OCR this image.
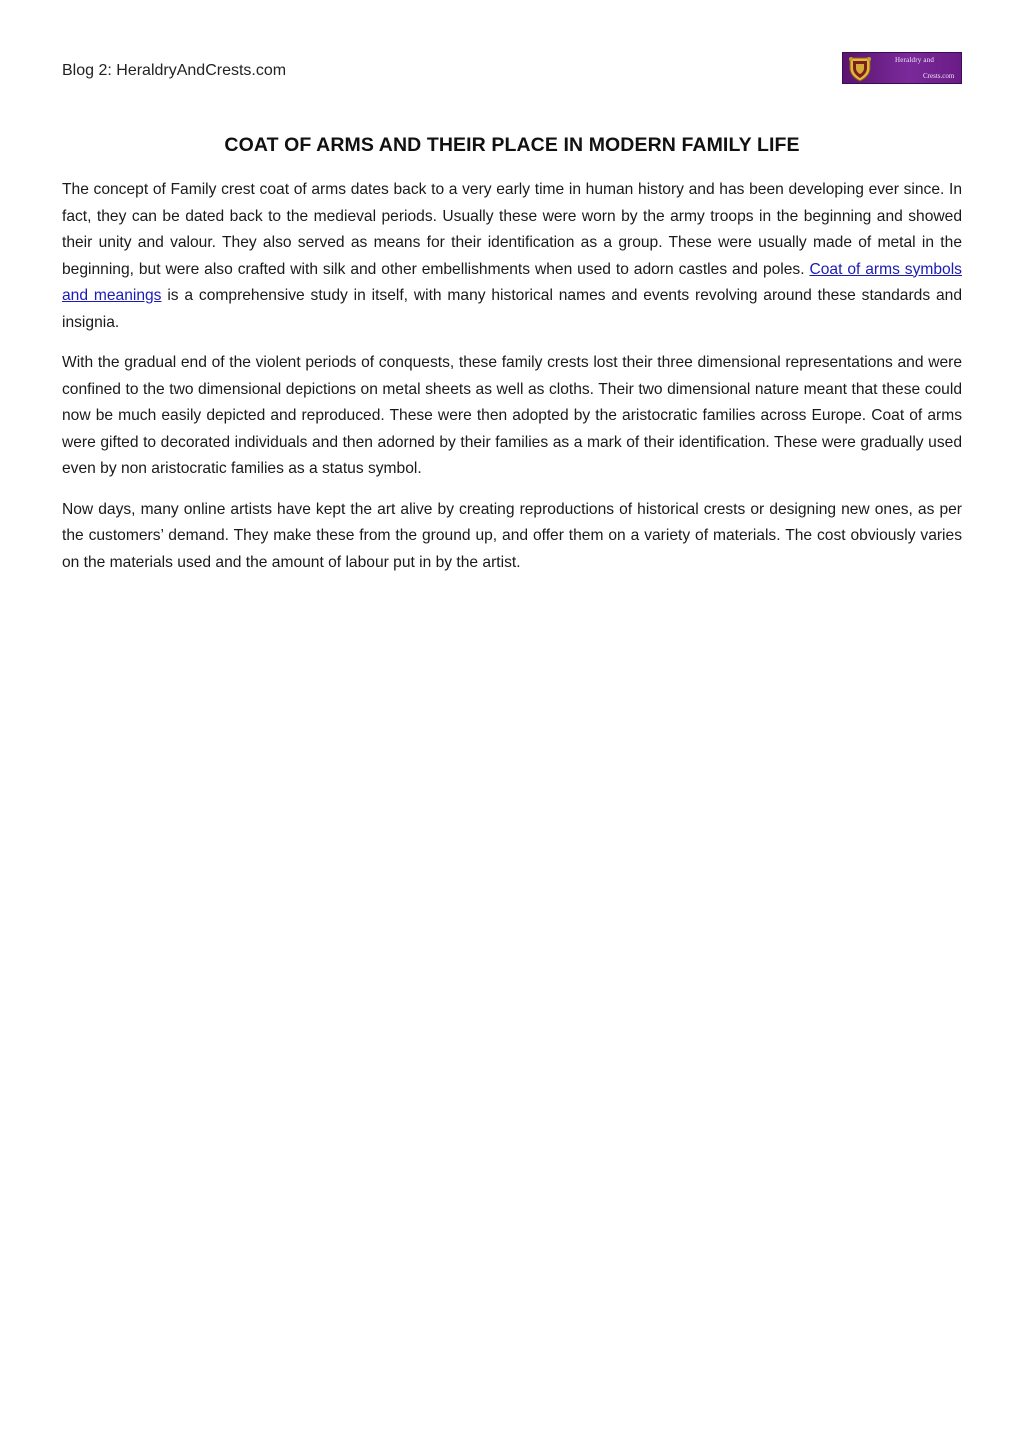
Blog 2: HeraldryAndCrests.com
Heraldry and
Crests.com
COAT OF ARMS AND THEIR PLACE IN MODERN FAMILY LIFE

The concept of Family crest coat of arms dates back to a very early time in human history and has been developing ever since. In fact, they can be dated back to the medieval periods. Usually these were worn by the army troops in the beginning and showed their unity and valour. They also served as means for their identification as a group. These were usually made of metal in the beginning, but were also crafted with silk and other embellishments when used to adorn castles and poles. Coat of arms symbols and meanings is a comprehensive study in itself, with many historical names and events revolving around these standards and insignia.

With the gradual end of the violent periods of conquests, these family crests lost their three dimensional representations and were confined to the two dimensional depictions on metal sheets as well as cloths. Their two dimensional nature meant that these could now be much easily depicted and reproduced. These were then adopted by the aristocratic families across Europe. Coat of arms were gifted to decorated individuals and then adorned by their families as a mark of their identification. These were gradually used even by non aristocratic families as a status symbol.

Now days, many online artists have kept the art alive by creating reproductions of historical crests or designing new ones, as per the customers’ demand. They make these from the ground up, and offer them on a variety of materials. The cost obviously varies on the materials used and the amount of labour put in by the artist.
